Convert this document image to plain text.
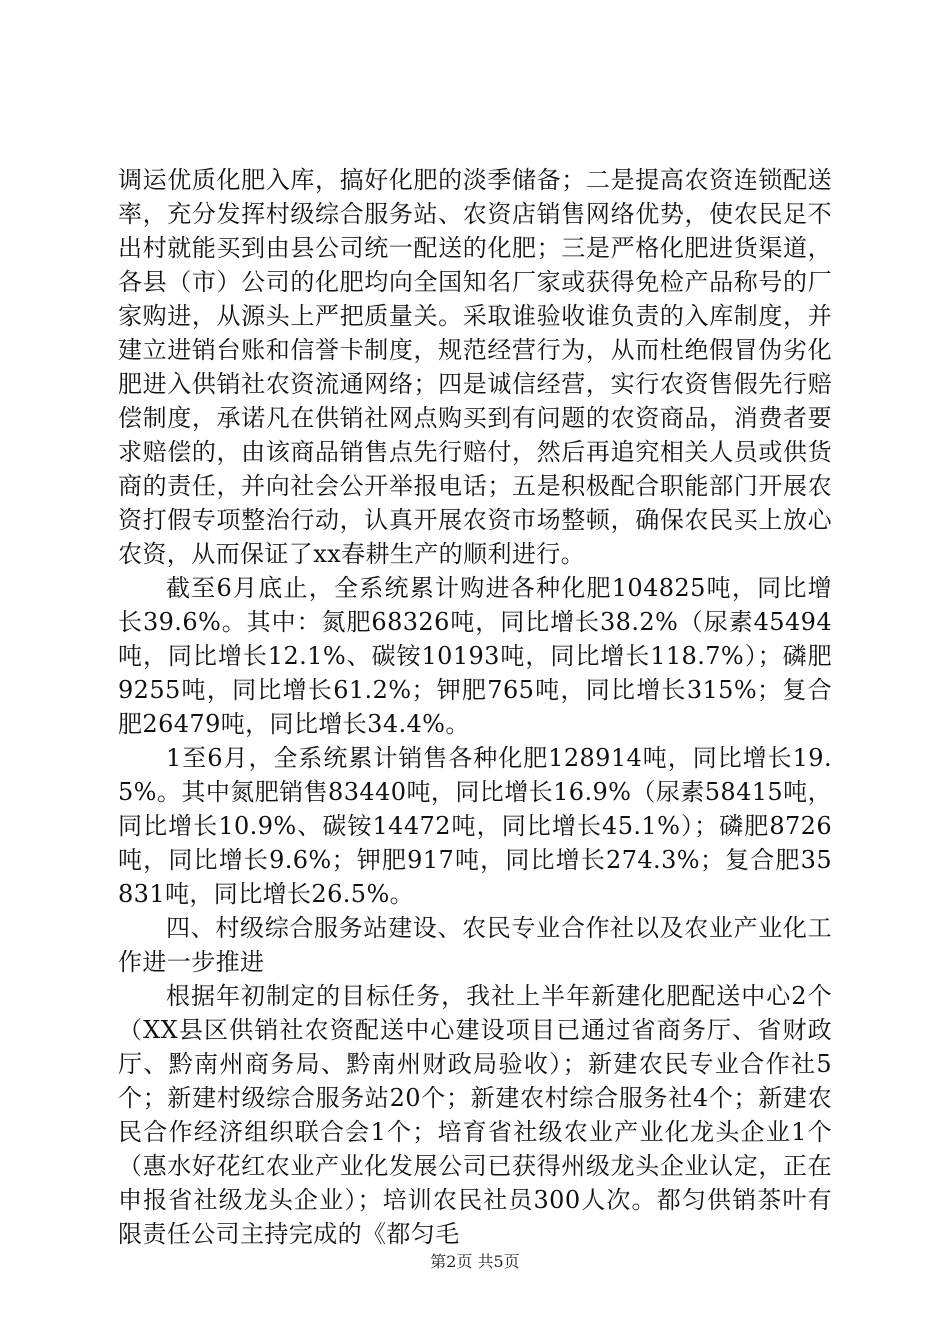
调运优质化肥入库，搞好化肥的淡季储备；二是提高农资连锁配送率，充分发挥村级综合服务站、农资店销售网络优势，使农民足不出村就能买到由县公司统一配送的化肥；三是严格化肥进货渠道，各县（市）公司的化肥均向全国知名厂家或获得免检产品称号的厂家购进，从源头上严把质量关。采取谁验收谁负责的入库制度，并建立进销台账和信誉卡制度，规范经营行为，从而杜绝假冒伪劣化肥进入供销社农资流通网络；四是诚信经营，实行农资售假先行赔偿制度，承诺凡在供销社网点购买到有问题的农资商品，消费者要求赔偿的，由该商品销售点先行赔付，然后再追究相关人员或供货商的责任，并向社会公开举报电话；五是积极配合职能部门开展农资打假专项整治行动，认真开展农资市场整顿，确保农民买上放心农资，从而保证了xx春耕生产的顺利进行。

截至6月底止，全系统累计购进各种化肥104825吨，同比增长39.6%。其中：氮肥68326吨，同比增长38.2%（尿素45494吨，同比增长12.1%、碳铵10193吨，同比增长118.7%）；磷肥9255吨，同比增长61.2%；钾肥765吨，同比增长315%；复合肥26479吨，同比增长34.4%。

1至6月，全系统累计销售各种化肥128914吨，同比增长19.5%。其中氮肥销售83440吨，同比增长16.9%（尿素58415吨，同比增长10.9%、碳铵14472吨，同比增长45.1%）；磷肥8726吨，同比增长9.6%；钾肥917吨，同比增长274.3%；复合肥35831吨，同比增长26.5%。

四、村级综合服务站建设、农民专业合作社以及农业产业化工作进一步推进

根据年初制定的目标任务，我社上半年新建化肥配送中心2个（XX县区供销社农资配送中心建设项目已通过省商务厅、省财政厅、黔南州商务局、黔南州财政局验收）；新建农民专业合作社5个；新建村级综合服务站20个；新建农村综合服务社4个；新建农民合作经济组织联合会1个；培育省社级农业产业化龙头企业1个（惠水好花红农业产业化发展公司已获得州级龙头企业认定，正在申报省社级龙头企业）；培训农民社员300人次。都匀供销茶叶有限责任公司主持完成的《都匀毛

第2页 共5页
